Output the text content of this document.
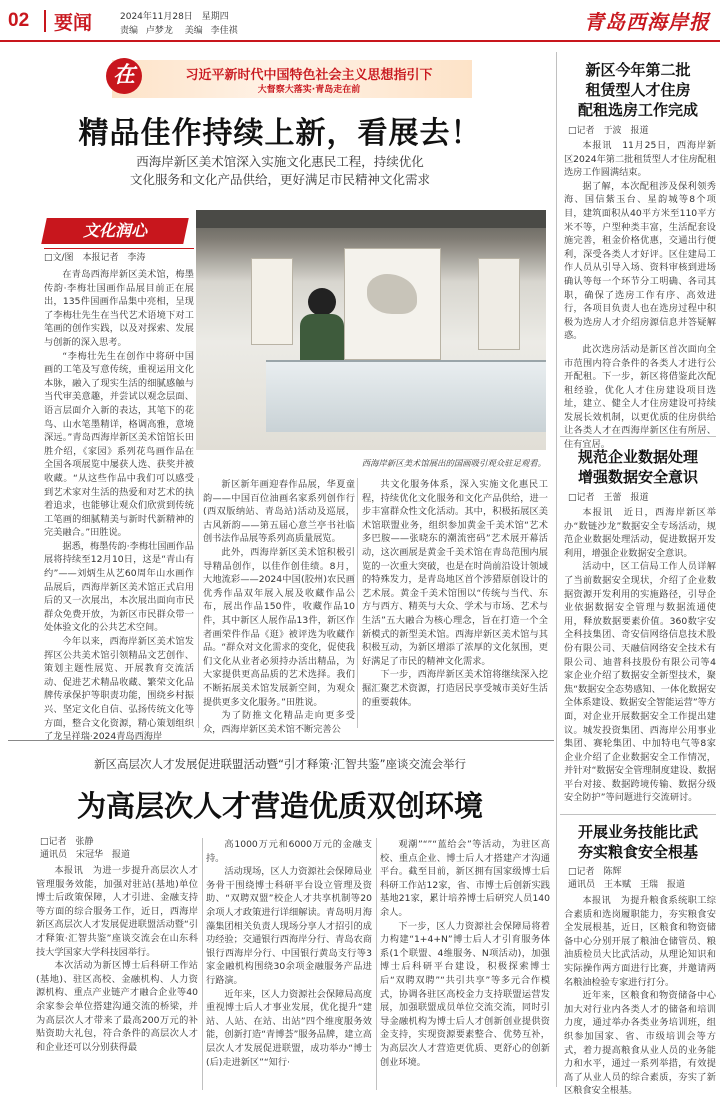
02 要闻	2024年11月28日 星期四
责编 卢梦龙 美编 李佳祺	青岛西海岸报
在	习近平新时代中国特色社会主义思想指引下
大督察大落实·青岛走在前
精品佳作持续上新，看展去！
西海岸新区美术馆深入实施文化惠民工程，持续优化
文化服务和文化产品供给，更好满足市民精神文化需求
文化润心
西海岸新区美术馆展出的国画吸引观众驻足观看。
□文/图　本报记者　李涛

在青岛西海岸新区美术馆，梅墨传韵·李梅壮国画作品展目前正在展出，135件国画作品集中亮相，呈现了李梅壮先生在当代艺术语境下对工笔画的创作实践，以及对探索、发展与创新的深入思考。

“李梅壮先生在创作中将研中国画的工笔及写意传统，重视运用文化本脉，融入了现实生活的细腻感触与当代审美意趣，并尝试以观念层面、语言层面介入新的表达，其笔下的花鸟、山水笔墨精详，格调高雅，意境深远。”青岛西海岸新区美术馆馆长田胜介绍，《家园》系列花鸟画作品在全国各项展览中屡获人选、获奖并被收藏。“从这些作品中我们可以感受到艺术家对生活的热爱和对艺术的执着追求，也能够让观众们欣赏到传统工笔画的细腻精美与新时代新精神的完美融合。”田胜说。

据悉，梅墨传韵·李梅壮国画作品展将持续至12月10日，这是“青山有约”——刘炳生从艺60周年山水画作品展后，西海岸新区美术馆正式启用后的又一次展出，本次展出面向市民群众免费开放，为新区市民群众带一处体验文化的公共艺术空间。

今年以来，西海岸新区美术馆发挥区公共美术馆引领精品文艺创作、策划主题性展览、开展教育交流活动、促进艺术精品收藏、繁荣文化品牌传承保护等职责功能，围绕乡村振兴、坚定文化自信、弘扬传统文化等方面，整合文化资源，精心策划组织了龙呈祥瑞·2024青岛西海岸

新区新年画迎春作品展，华夏童韵——中国百位油画名家系列创作行(西双版纳站、青岛站)活动及巡展，古风新韵——第五届心意兰亭书社临创书法作品展等系列高质量展览。

此外，西海岸新区美术馆积极引导精品创作，以佳作创佳绩。8月，大地流彩——2024中国(胶州)农民画优秀作品双年展入展及收藏作品公布，展出作品150件，收藏作品10件，其中新区人展作品13件，新区作者画荣件作品《逛》被评选为收藏作品。“群众对文化需求的变化，促使我们文化从业者必须持办活出精品，为大家提供更高品质的艺术选择。我们不断拓展美术馆发展新空间，为观众提供更多文化服务。”田胜说。

为了防推文化精品走向更多受众，西海岸新区美术馆不断完善公

共文化服务体系，深入实施文化惠民工程，持续优化文化服务和文化产品供给，进一步丰富群众性文化活动。其中，积极拓展区美术馆联盟业务，组织参加黄金千美术馆“艺术多巴胺——张晓东的潮流密码”艺术展开幕活动，这次画展是黄金千美术馆在青岛范围内展览的一次重大突破，也是在时尚前沿设计领域的特殊发力，是青岛地区首个涉猎原创设计的艺术展。黄金千美术馆围以“传统与当代、东方与西方、精英与大众、学术与市场、艺术与生活”五大融合为核心理念，旨在打造一个全新模式的新型美术馆。西海岸新区美术馆与其积极互动，为新区增添了浓厚的文化氛围，更好满足了市民的精神文化需求。

下一步，西海岸新区美术馆将继续深入挖掘汇聚艺术资源，打造居民享受城市美好生活的重要载体。

新区今年第二批
租赁型人才住房
配租选房工作完成
□记者　于波　报道

本报讯　11月25日，西海岸新区2024年第二批租赁型人才住房配租选房工作圆满结束。

据了解，本次配租涉及保利领秀海、国信紫玉台、星韵城等8个项目，建筑面积从40平方米至110平方米不等，户型种类丰富，生活配套设施完善，租金价格优惠，交通出行便利，深受各类人才好评。区住建局工作人员从引导入场、资料审核到进场确认等每一个环节分工明确、各司其职，确保了选房工作有序、高效进行，各项目负责人也在选房过程中积极为选房人才介绍房源信息并答疑解惑。

此次选房活动是新区首次面向全市范围内符合条件的各类人才进行公开配租。下一步，新区将借鉴此次配租经验，优化人才住房建设项目选址，建立、健全人才住房建设可持续发展长效机制，以更优质的住房供给让各类人才在西海岸新区住有所居、住有宜居。

规范企业数据处理
增强数据安全意识
□记者　王蕾　报道

本报讯　近日，西海岸新区举办“数链沙龙”数据安全专场活动，规范企业数据处理活动，促进数据开发利用，增强企业数据安全意识。

活动中，区工信局工作人员详解了当前数据安全现状，介绍了企业数据资源开发利用的实施路径，引导企业依据数据安全管理与数据流通使用，释放数据要素价值。360数字安全科技集团、奇安信网络信息技术股份有限公司、天融信网络安全技术有限公司、迪普科技股份有限公司等4家企业介绍了数据安全新型技术，聚焦“数据安全态势感知、一体化数据安全体系建设、数据安全智能运营”等方面，对企业开展数据安全工作提出建议。城发投资集团、西海岸公用事业集团、赛轮集团、中加特电气等8家企业介绍了企业数据安全工作情况，并针对“数据安全管理制度建设、数据平台对接、数据跨境传输、数据分级安全防护”等问题进行交流研讨。

开展业务技能比武
夯实粮食安全根基
□记者　陈辉
通讯员　王本赋　王瑞　报道

本报讯　为提升粮食系统职工综合素质和选岗履职能力，夯实粮食安全发展根基，近日，区粮食和物资储备中心分别开展了粮油仓储管员、粮油质检员大比武活动，从理论知识和实际操作两方面进行比赛，并邀请两名粮油检验专家进行打分。

近年来，区粮食和物资储备中心加大对行业内各类人才的储备和培训力度，通过举办各类业务培训班，组织参加国家、省、市级培训会等方式，着力提高粮食从业人员的业务能力和水平，通过一系列举措，有效提高了从业人员的综合素质，夯实了新区粮食安全根基。

新区高层次人才发展促进联盟活动暨“引才释策·汇智共鉴”座谈交流会举行
为高层次人才营造优质双创环境
□记者　张静
通讯员　宋冠华　报道

本报讯　为进一步提升高层次人才管理服务效能，加强对驻站(基地)单位博士后政策保障，人才引进、金融支持等方面的综合服务工作，近日，西海岸新区高层次人才发展促进联盟活动暨“引才释策·汇智共鉴”座谈交流会在山东科技大学国家大学科技园举行。

本次活动为新区博士后科研工作站(基地)、驻区高校、金融机构、人力资源机构、重点产业链产才融合企业等40余家参会单位搭建沟通交流的桥梁，并为高层次人才带来了最高200万元的补贴资助大礼包，符合条件的高层次人才和企业还可以分别获得最

高1000万元和6000万元的金融支持。

活动现场，区人力资源社会保障局业务骨干围绕博士科研平台设立管理及资助、“双聘双盟”校企人才共享机制等20余项人才政策进行详细解读。青岛明月海藻集团相关负责人现场分享人才招引的成功经验；交通银行西海岸分行、青岛农商银行西海岸分行、中国银行黄岛支行等3家金融机构围绕30余项金融服务产品进行路演。

近年来，区人力资源社会保障局高度重视博士后人才事业发展，优化提升“建站、人站、在站、出站”四个维度服务效能，创新打造“青博荟”服务品牌，建立高层次人才发展促进联盟，成功举办“博士(后)走进新区”“知行·

观潮”“”“蓝给会”等活动，为驻区高校、重点企业、博士后人才搭建产才沟通平台。截至目前，新区拥有国家级博士后科研工作站12家，省、市博士后创新实践基地21家，累计培养博士后研究人员140余人。

下一步，区人力资源社会保障局将着力构建“1+4+N”博士后人才引育服务体系(1个联盟、4维服务、N项活动)，加强博士后科研平台建设，积极探索博士后“双聘双聘”“共引共享”等多元合作模式，协调各驻区高校金力支持联盟运营发展，加强联盟成员单位交流交流，同时引导金融机构为博士后人才创新创业提供资金支持，实现资源要素整合、优势互补，为高层次人才营造更优质、更舒心的创新创业环境。
